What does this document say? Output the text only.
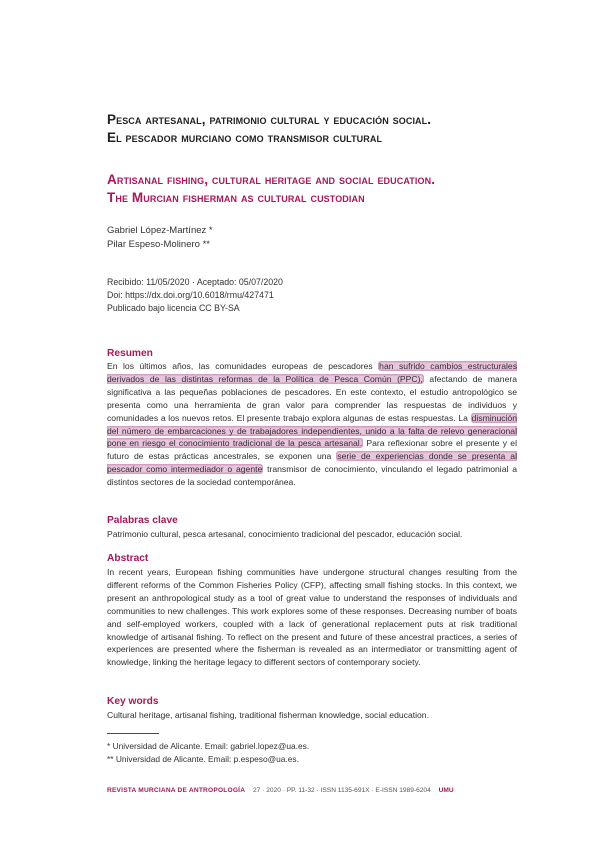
Pesca artesanal, patrimonio cultural y educación social.
El pescador murciano como transmisor cultural
Artisanal fishing, cultural heritage and social education.
The Murcian fisherman as cultural custodian
Gabriel López-Martínez *
Pilar Espeso-Molinero **
Recibido: 11/05/2020 · Aceptado: 05/07/2020
Doi: https://dx.doi.org/10.6018/rmu/427471
Publicado bajo licencia CC BY-SA
Resumen
En los últimos años, las comunidades europeas de pescadores han sufrido cambios estructurales derivados de las distintas reformas de la Política de Pesca Común (PPC), afectando de manera significativa a las pequeñas poblaciones de pescadores. En este contexto, el estudio antropológico se presenta como una herramienta de gran valor para comprender las respuestas de individuos y comunidades a los nuevos retos. El presente trabajo explora algunas de estas respuestas. La disminución del número de embarcaciones y de trabajadores independientes, unido a la falta de relevo generacional pone en riesgo el conocimiento tradicional de la pesca artesanal. Para reflexionar sobre el presente y el futuro de estas prácticas ancestrales, se exponen una serie de experiencias donde se presenta al pescador como intermediador o agente transmisor de conocimiento, vinculando el legado patrimonial a distintos sectores de la sociedad contemporánea.
Palabras clave
Patrimonio cultural, pesca artesanal, conocimiento tradicional del pescador, educación social.
Abstract
In recent years, European fishing communities have undergone structural changes resulting from the different reforms of the Common Fisheries Policy (CFP), affecting small fishing stocks. In this context, we present an anthropological study as a tool of great value to understand the responses of individuals and communities to new challenges. This work explores some of these responses. Decreasing number of boats and self-employed workers, coupled with a lack of generational replacement puts at risk traditional knowledge of artisanal fishing. To reflect on the present and future of these ancestral practices, a series of experiences are presented where the fisherman is revealed as an intermediator or transmitting agent of knowledge, linking the heritage legacy to different sectors of contemporary society.
Key words
Cultural heritage, artisanal fishing, traditional fisherman knowledge, social education.
* Universidad de Alicante. Email: gabriel.lopez@ua.es.
** Universidad de Alicante. Email: p.espeso@ua.es.
REVISTA MURCIANA DE ANTROPOLOGÍA 27 · 2020 · PP. 11-32 · ISSN 1135-691X · E-ISSN 1989-6204 UMU
